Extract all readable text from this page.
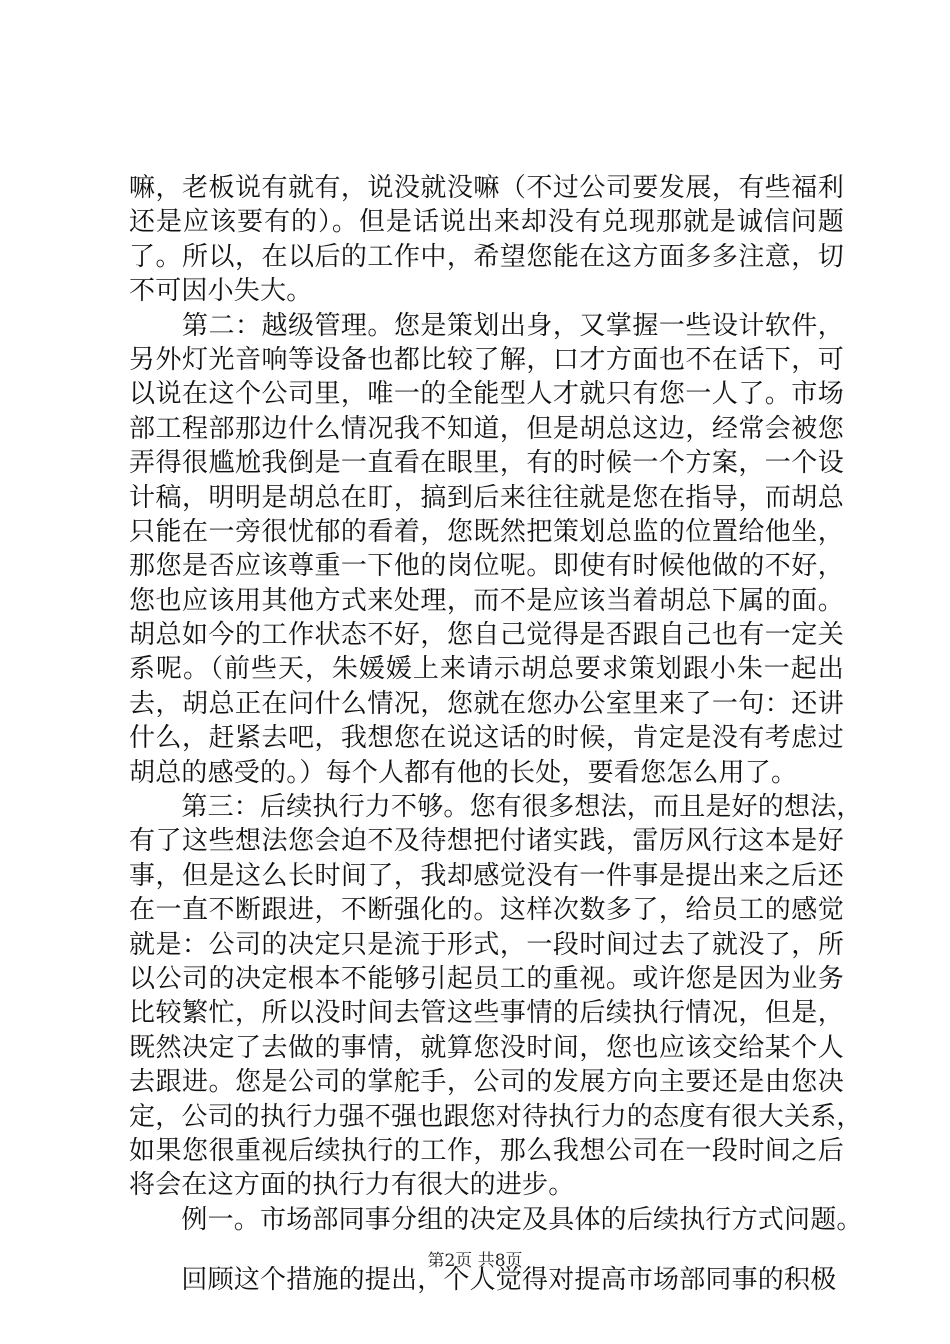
嘛，老板说有就有，说没就没嘛（不过公司要发展，有些福利
还是应该要有的）。但是话说出来却没有兑现那就是诚信问题
了。所以，在以后的工作中，希望您能在这方面多多注意，切
不可因小失大。
　　第二：越级管理。您是策划出身，又掌握一些设计软件，
另外灯光音响等设备也都比较了解，口才方面也不在话下，可
以说在这个公司里，唯一的全能型人才就只有您一人了。市场
部工程部那边什么情况我不知道，但是胡总这边，经常会被您
弄得很尴尬我倒是一直看在眼里，有的时候一个方案，一个设
计稿，明明是胡总在盯，搞到后来往往就是您在指导，而胡总
只能在一旁很忧郁的看着，您既然把策划总监的位置给他坐，
那您是否应该尊重一下他的岗位呢。即使有时候他做的不好，
您也应该用其他方式来处理，而不是应该当着胡总下属的面。
胡总如今的工作状态不好，您自己觉得是否跟自己也有一定关
系呢。（前些天，朱媛媛上来请示胡总要求策划跟小朱一起出
去，胡总正在问什么情况，您就在您办公室里来了一句：还讲
什么，赶紧去吧，我想您在说这话的时候，肯定是没有考虑过
胡总的感受的。）每个人都有他的长处，要看您怎么用了。
　　第三：后续执行力不够。您有很多想法，而且是好的想法，
有了这些想法您会迫不及待想把付诸实践，雷厉风行这本是好
事，但是这么长时间了，我却感觉没有一件事是提出来之后还
在一直不断跟进，不断强化的。这样次数多了，给员工的感觉
就是：公司的决定只是流于形式，一段时间过去了就没了，所
以公司的决定根本不能够引起员工的重视。或许您是因为业务
比较繁忙，所以没时间去管这些事情的后续执行情况，但是，
既然决定了去做的事情，就算您没时间，您也应该交给某个人
去跟进。您是公司的掌舵手，公司的发展方向主要还是由您决
定，公司的执行力强不强也跟您对待执行力的态度有很大关系，
如果您很重视后续执行的工作，那么我想公司在一段时间之后
将会在这方面的执行力有很大的进步。
　　例一。市场部同事分组的决定及具体的后续执行方式问题。
　　回顾这个措施的提出，个人觉得对提高市场部同事的积极
第2页 共8页
